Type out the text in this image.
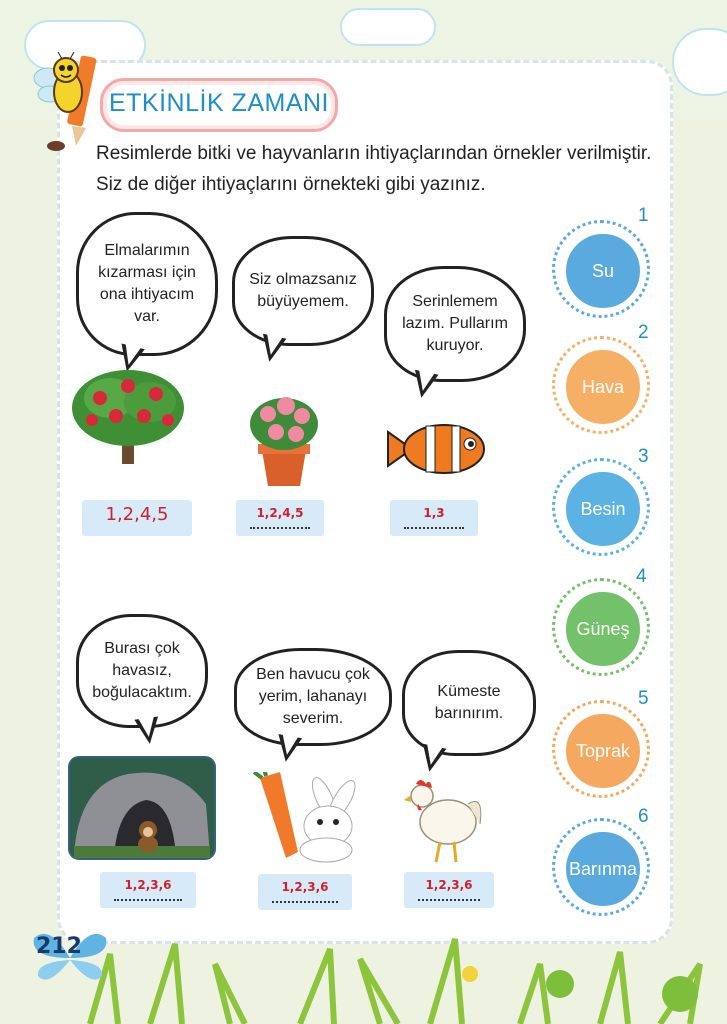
ETKİNLİK ZAMANI
Resimlerde bitki ve hayvanların ihtiyaçlarından örnekler verilmiştir. Siz de diğer ihtiyaçlarını örnekteki gibi yazınız.
Elmalarımın kızarması için ona ihtiyacım var.
Siz olmazsanız büyüyemem.	Serinlemem lazım. Pullarım kuruyor.
1,2,4,5	1,2,4,5	1,3
Burası çok havasız, boğulacaktım.
Ben havucu çok yerim, lahanayı severim.
Kümeste barınırım.
1,2,3,6	1,2,3,6	1,2,3,6
1
Su
2
Hava
3
Besin
4
Güneş
5
Toprak
6
Barınma
212
